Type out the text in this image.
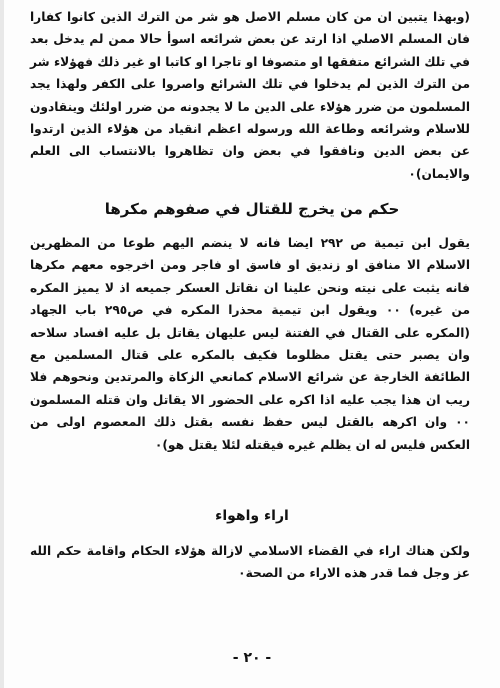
(وبهذا يتبين ان من كان مسلم الاصل هو شر من الترك الذين كانوا كفارا فان المسلم الاصلي اذا ارتد عن بعض شرائعه اسوأ حالا ممن لم يدخل بعد في تلك الشرائع متفقها او متصوفا او تاجرا او كاتبا او غير ذلك فهؤلاء شر من الترك الذين لم يدخلوا في تلك الشرائع واصروا على الكفر ولهذا يجد المسلمون من ضرر هؤلاء على الدين ما لا يجدونه من ضرر اولئك وينقادون للاسلام وشرائعه وطاعة الله ورسوله اعظم انقياد من هؤلاء الذين ارتدوا عن بعض الدين ونافقوا في بعض وان تظاهروا بالانتساب الى العلم والايمان)٠
حكم من يخرج للقتال في صفوهم مكرها
يقول ابن تيمية ص ٢٩٢ ايضا فانه لا ينضم اليهم طوعا من المظهرين الاسلام الا منافق او زنديق او فاسق او فاجر ومن اخرجوه معهم مكرها فانه يثبت على نيته ونحن علينا ان نقاتل العسكر جميعه اذ لا يميز المكره من غيره) ٠٠ ويقول ابن تيمية محذرا المكره في ص٢٩٥ باب الجهاد (المكره على القتال في الفتنة ليس عليهان يقاتل بل عليه افساد سلاحه وان يصبر حتى يقتل مظلوما فكيف بالمكره على قتال المسلمين مع الطائفة الخارجة عن شرائع الاسلام كمانعي الزكاة والمرتدين ونحوهم فلا ريب ان هذا يجب عليه اذا اكره على الحضور الا يقاتل وان قتله المسلمون ٠٠ وان اكرهه بالقتل ليس حفظ نفسه بقتل ذلك المعصوم اولى من العكس فليس له ان يظلم غيره فيقتله لئلا يقتل هو)٠
اراء واهواء
ولكن هناك اراء في القضاء الاسلامي لازالة هؤلاء الحكام واقامة حكم الله عز وجل فما قدر هذه الاراء من الصحة٠
- ٢٠ -
